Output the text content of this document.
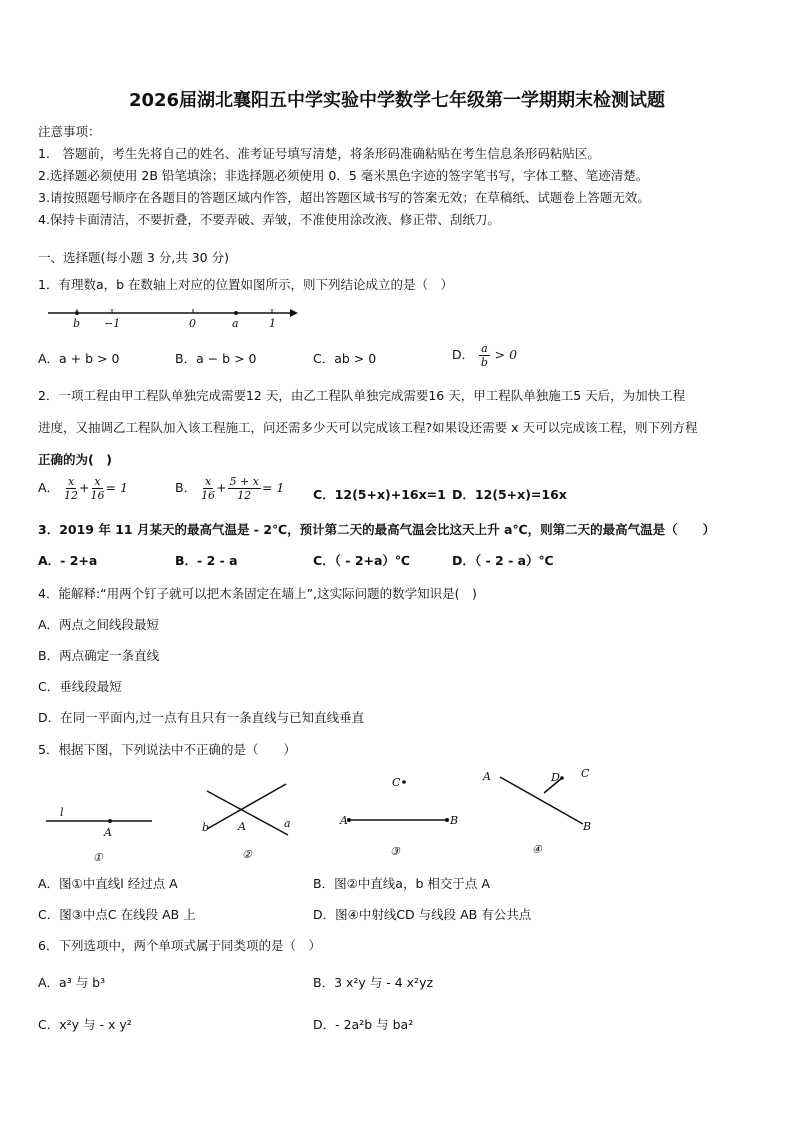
2026届湖北襄阳五中学实验中学数学七年级第一学期期末检测试题
注意事项：
1.　答题前，考生先将自己的姓名、准考证号填写清楚，将条形码准确粘贴在考生信息条形码粘贴区。
2.选择题必须使用 2B 铅笔填涂；非选择题必须使用 0．5 毫米黑色字迹的签字笔书写，字体工整、笔迹清楚。
3.请按照题号顺序在各题目的答题区域内作答，超出答题区域书写的答案无效；在草稿纸、试题卷上答题无效。
4.保持卡面清洁，不要折叠，不要弄破、弄皱，不准使用涂改液、修正带、刮纸刀。
一、选择题(每小题 3 分,共 30 分)
1．有理数a，b 在数轴上对应的位置如图所示，则下列结论成立的是（　）
b −1	0	a	1
A．a + b > 0	B．a − b > 0	C．ab > 0	D． $\frac{a}{b} > 0$
2．一项工程由甲工程队单独完成需要12 天，由乙工程队单独完成需要16 天，甲工程队单独施工5 天后，为加快工程
进度，又抽调乙工程队加入该工程施工，问还需多少天可以完成该工程?如果设还需要 x 天可以完成该工程，则下列方程
正确的为(　)
A． $\frac{x}{12} + \frac{x}{16} = 1$	B． $\frac{x}{16} + \frac{5 + x}{12} = 1$ C．12(5+x)+16x=1 D．12(5+x)=16x
3．2019 年 11 月某天的最高气温是 - 2℃，预计第二天的最高气温会比这天上升 a℃，则第二天的最高气温是（　　）
A．- 2+a	B．- 2 - a	C．（ - 2+a）℃	D．（ - 2 - a）℃
4．能解释:“用两个钉子就可以把木条固定在墙上”,这实际问题的数学知识是(　)
A．两点之间线段最短
B．两点确定一条直线
C．垂线段最短
D．在同一平面内,过一点有且只有一条直线与已知直线垂直
5．根据下图，下列说法中不正确的是（　　）
l
A
①
b	A	a
②
C
A	B
③
A	D C
B
④
A．图①中直线l 经过点 A	B．图②中直线a，b 相交于点 A
C．图③中点C 在线段 AB 上	D．图④中射线CD 与线段 AB 有公共点
6．下列选项中，两个单项式属于同类项的是（　）
A．a³ 与 b³	B．3 x²y 与 - 4 x²yz
C．x²y 与 - x y²	D．- 2a²b 与 ba²
